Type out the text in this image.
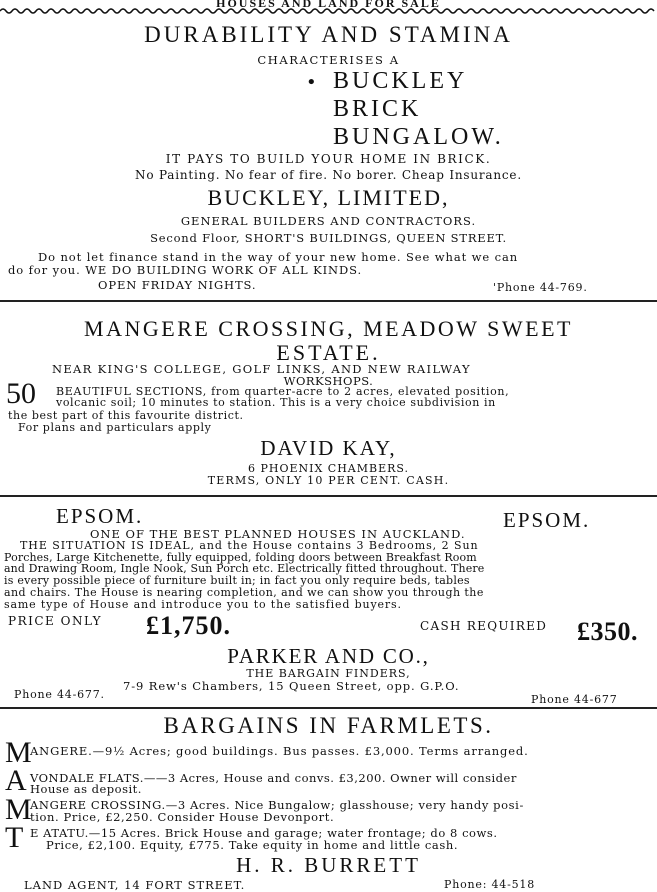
HOUSES AND LAND FOR SALE
DURABILITY AND STAMINA
CHARACTERISES A
• BUCKLEY
BRICK
BUNGALOW.
IT PAYS TO BUILD YOUR HOME IN BRICK.
No Painting. No fear of fire. No borer. Cheap Insurance.
BUCKLEY, LIMITED,
GENERAL BUILDERS AND CONTRACTORS.
Second Floor, SHORT'S BUILDINGS, QUEEN STREET.
Do not let finance stand in the way of your new home. See what we can
do for you. WE DO BUILDING WORK OF ALL KINDS.
OPEN FRIDAY NIGHTS.	'Phone 44-769.
MANGERE CROSSING, MEADOW SWEET
ESTATE.
NEAR KING'S COLLEGE, GOLF LINKS, AND NEW RAILWAY
WORKSHOPS.
50 BEAUTIFUL SECTIONS, from quarter-acre to 2 acres, elevated position,
volcanic soil; 10 minutes to station. This is a very choice subdivision in
the best part of this favourite district.
For plans and particulars apply
DAVID KAY,
6 PHOENIX CHAMBERS.
TERMS, ONLY 10 PER CENT. CASH.
EPSOM.	EPSOM.
ONE OF THE BEST PLANNED HOUSES IN AUCKLAND.
THE SITUATION IS IDEAL, and the House contains 3 Bedrooms, 2 Sun
Porches, Large Kitchenette, fully equipped, folding doors between Breakfast Room
and Drawing Room, Ingle Nook, Sun Porch etc. Electrically fitted throughout. There
is every possible piece of furniture built in; in fact you only require beds, tables
and chairs. The House is nearing completion, and we can show you through the
same type of House and introduce you to the satisfied buyers.
PRICE ONLY £1,750.	CASH REQUIRED £350.
PARKER AND CO.,
THE BARGAIN FINDERS,
7-9 Rew's Chambers, 15 Queen Street, opp. G.P.O.
Phone 44-677.	Phone 44-677
BARGAINS IN FARMLETS.
M
ANGERE.—9½ Acres; good buildings. Bus passes. £3,000. Terms arranged.
A VONDALE FLATS.——3 Acres, House and convs. £3,200. Owner will consider
House as deposit.
M
ANGERE CROSSING.—3 Acres. Nice Bungalow; glasshouse; very handy posi-
tion. Price, £2,250. Consider House Devonport.
T E ATATU.—15 Acres. Brick House and garage; water frontage; do 8 cows.
Price, £2,100. Equity, £775. Take equity in home and little cash.
H. R. BURRETT
LAND AGENT, 14 FORT STREET.	Phone: 44-518
